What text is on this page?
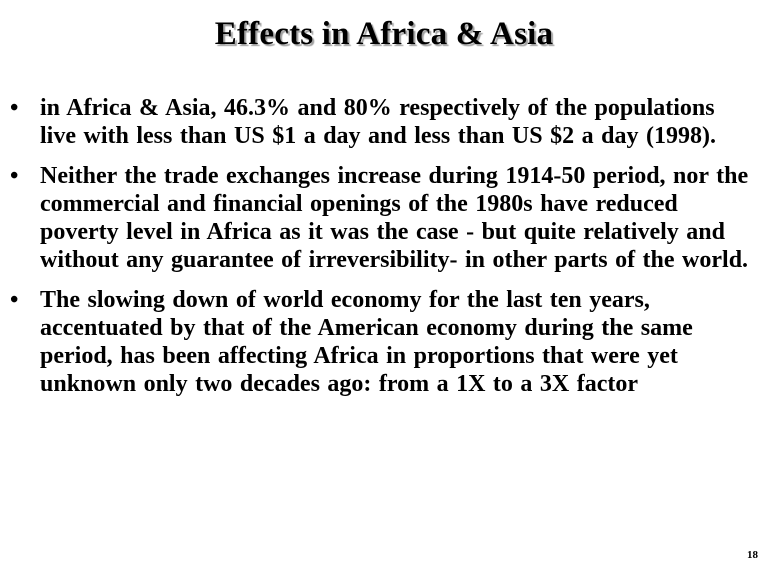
Effects in Africa & Asia
• in Africa & Asia, 46.3% and 80% respectively of the populations live with less than US $1 a day and less than US $2 a day (1998).
• Neither the trade exchanges increase during 1914-50 period, nor the commercial and financial openings of the 1980s have reduced poverty level in Africa as it was the case - but quite relatively and without any guarantee of irreversibility- in other parts of the world.
• The slowing down of world economy for the last ten years, accentuated by that of the American economy during the same period, has been affecting Africa in proportions that were yet unknown only two decades ago: from a 1X to a 3X factor
18
